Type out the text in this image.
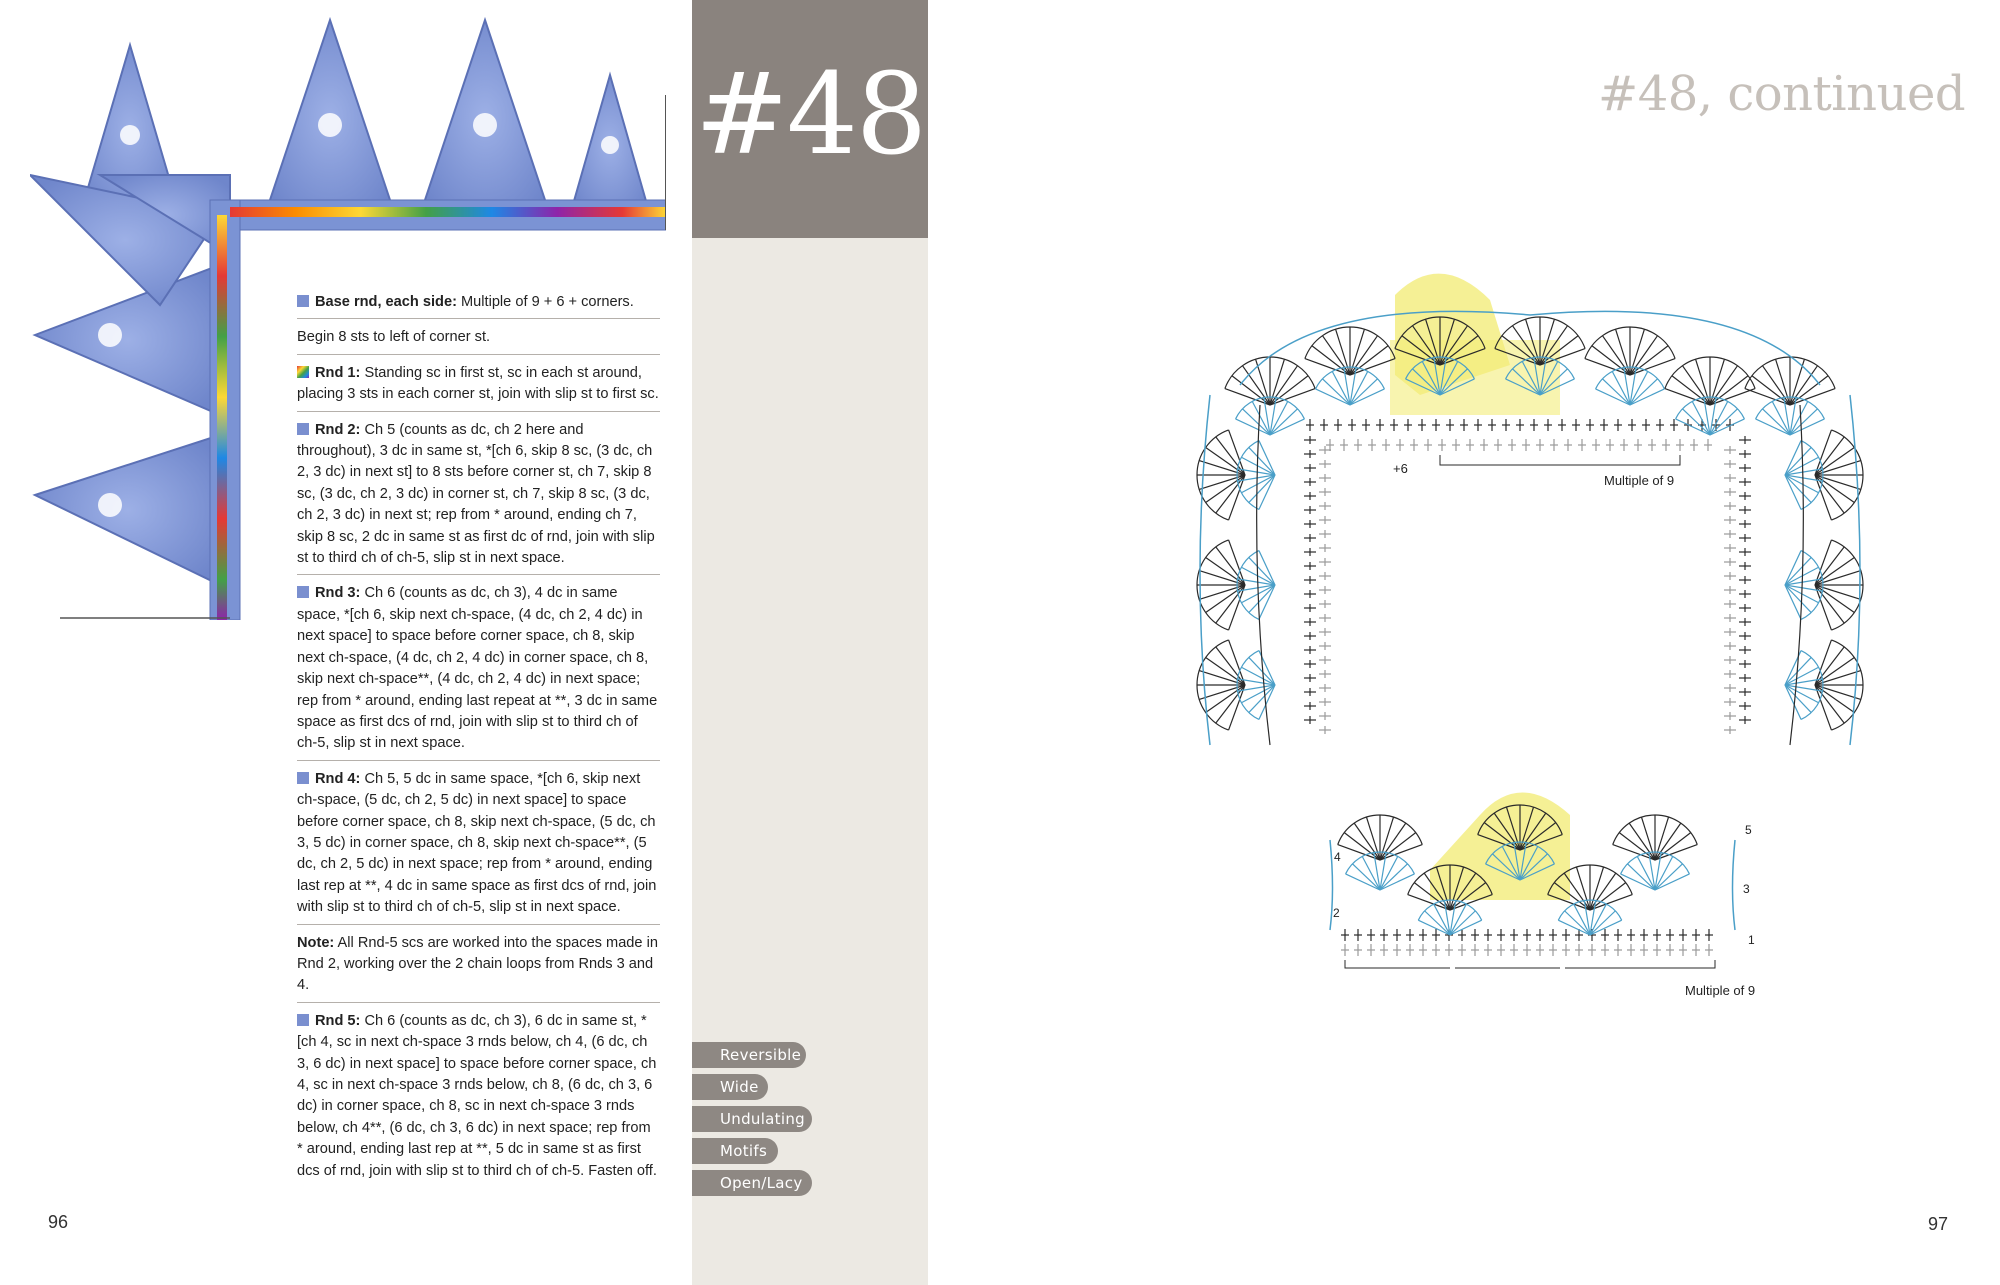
#48
Base rnd, each side: Multiple of 9 + 6 + corners.
Begin 8 sts to left of corner st.
Rnd 1: Standing sc in first st, sc in each st around, placing 3 sts in each corner st, join with slip st to first sc.
Rnd 2: Ch 5 (counts as dc, ch 2 here and throughout), 3 dc in same st, *[ch 6, skip 8 sc, (3 dc, ch 2, 3 dc) in next st] to 8 sts before corner st, ch 7, skip 8 sc, (3 dc, ch 2, 3 dc) in corner st, ch 7, skip 8 sc, (3 dc, ch 2, 3 dc) in next st; rep from * around, ending ch 7, skip 8 sc, 2 dc in same st as first dc of rnd, join with slip st to third ch of ch-5, slip st in next space.
Rnd 3: Ch 6 (counts as dc, ch 3), 4 dc in same space, *[ch 6, skip next ch-space, (4 dc, ch 2, 4 dc) in next space] to space before corner space, ch 8, skip next ch-space, (4 dc, ch 2, 4 dc) in corner space, ch 8, skip next ch-space**, (4 dc, ch 2, 4 dc) in next space; rep from * around, ending last repeat at **, 3 dc in same space as first dcs of rnd, join with slip st to third ch of ch-5, slip st in next space.
Rnd 4: Ch 5, 5 dc in same space, *[ch 6, skip next ch-space, (5 dc, ch 2, 5 dc) in next space] to space before corner space, ch 8, skip next ch-space, (5 dc, ch 3, 5 dc) in corner space, ch 8, skip next ch-space**, (5 dc, ch 2, 5 dc) in next space; rep from * around, ending last rep at **, 4 dc in same space as first dcs of rnd, join with slip st to third ch of ch-5, slip st in next space.
Note: All Rnd-5 scs are worked into the spaces made in Rnd 2, working over the 2 chain loops from Rnds 3 and 4.
Rnd 5: Ch 6 (counts as dc, ch 3), 6 dc in same st, *[ch 4, sc in next ch-space 3 rnds below, ch 4, (6 dc, ch 3, 6 dc) in next space] to space before corner space, ch 4, sc in next ch-space 3 rnds below, ch 8, (6 dc, ch 3, 6 dc) in corner space, ch 8, sc in next ch-space 3 rnds below, ch 4**, (6 dc, ch 3, 6 dc) in next space; rep from * around, ending last rep at **, 5 dc in same st as first dcs of rnd, join with slip st to third ch of ch-5. Fasten off.
Reversible
Wide
Undulating
Motifs
Open/Lacy
96
#48, continued
+6
Multiple of 9
Multiple of 9
1
2
3
4
5
97
